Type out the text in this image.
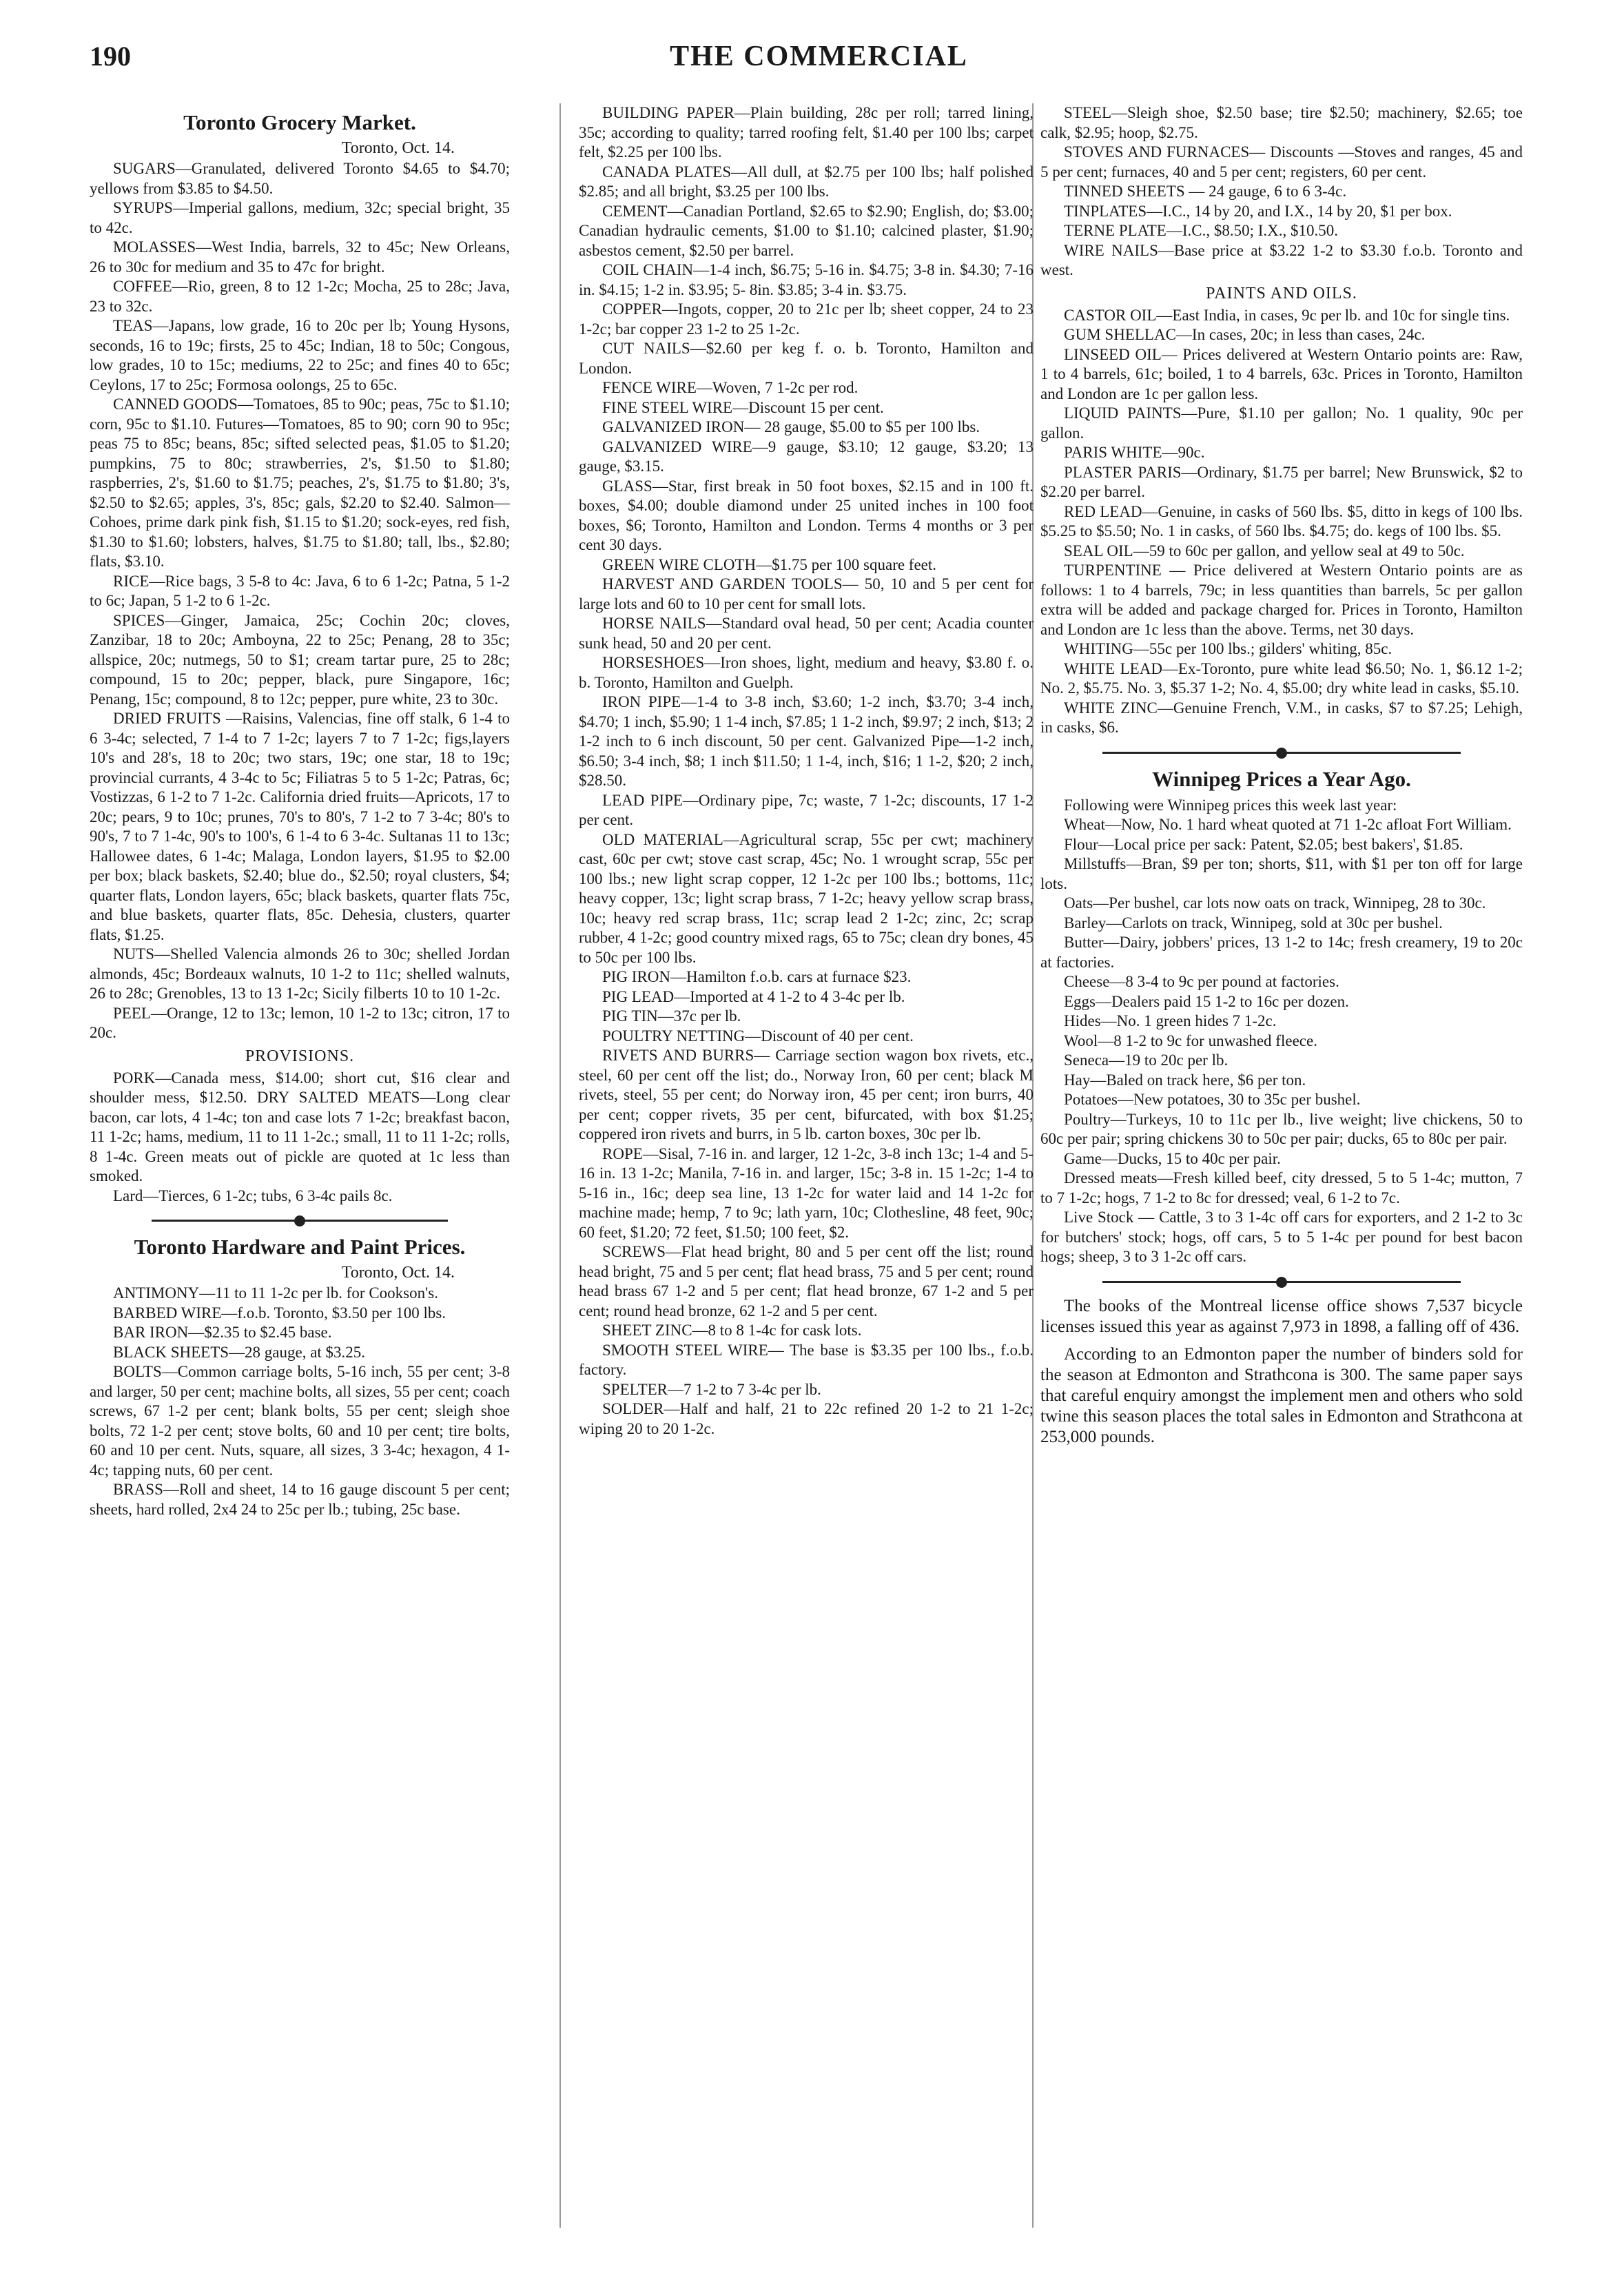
190	THE COMMERCIAL
Toronto Grocery Market.
Toronto, Oct. 14.

SUGARS—Granulated, delivered Toronto $4.65 to $4.70; yellows from $3.85 to $4.50.

SYRUPS—Imperial gallons, medium, 32c; special bright, 35 to 42c.

MOLASSES—West India, barrels, 32 to 45c; New Orleans, 26 to 30c for medium and 35 to 47c for bright.

COFFEE—Rio, green, 8 to 12 1-2c; Mocha, 25 to 28c; Java, 23 to 32c.

TEAS—Japans, low grade, 16 to 20c per lb; Young Hysons, seconds, 16 to 19c; firsts, 25 to 45c; Indian, 18 to 50c; Congous, low grades, 10 to 15c; mediums, 22 to 25c; and fines 40 to 65c; Ceylons, 17 to 25c; Formosa oolongs, 25 to 65c.

CANNED GOODS—Tomatoes, 85 to 90c; peas, 75c to $1.10; corn, 95c to $1.10. Futures—Tomatoes, 85 to 90; corn 90 to 95c; peas 75 to 85c; beans, 85c; sifted selected peas, $1.05 to $1.20; pumpkins, 75 to 80c; strawberries, 2's, $1.50 to $1.80; raspberries, 2's, $1.60 to $1.75; peaches, 2's, $1.75 to $1.80; 3's, $2.50 to $2.65; apples, 3's, 85c; gals, $2.20 to $2.40. Salmon—Cohoes, prime dark pink fish, $1.15 to $1.20; sock-eyes, red fish, $1.30 to $1.60; lobsters, halves, $1.75 to $1.80; tall, lbs., $2.80; flats, $3.10.

RICE—Rice bags, 3 5-8 to 4c: Java, 6 to 6 1-2c; Patna, 5 1-2 to 6c; Japan, 5 1-2 to 6 1-2c.

SPICES—Ginger, Jamaica, 25c; Cochin 20c; cloves, Zanzibar, 18 to 20c; Amboyna, 22 to 25c; Penang, 28 to 35c; allspice, 20c; nutmegs, 50 to $1; cream tartar pure, 25 to 28c; compound, 15 to 20c; pepper, black, pure Singapore, 16c; Penang, 15c; compound, 8 to 12c; pepper, pure white, 23 to 30c.

DRIED FRUITS —Raisins, Valencias, fine off stalk, 6 1-4 to 6 3-4c; selected, 7 1-4 to 7 1-2c; layers 7 to 7 1-2c; figs,layers 10's and 28's, 18 to 20c; two stars, 19c; one star, 18 to 19c; provincial currants, 4 3-4c to 5c; Filiatras 5 to 5 1-2c; Patras, 6c; Vostizzas, 6 1-2 to 7 1-2c. California dried fruits—Apricots, 17 to 20c; pears, 9 to 10c; prunes, 70's to 80's, 7 1-2 to 7 3-4c; 80's to 90's, 7 to 7 1-4c, 90's to 100's, 6 1-4 to 6 3-4c. Sultanas 11 to 13c; Hallowee dates, 6 1-4c; Malaga, London layers, $1.95 to $2.00 per box; black baskets, $2.40; blue do., $2.50; royal clusters, $4; quarter flats, London layers, 65c; black baskets, quarter flats 75c, and blue baskets, quarter flats, 85c. Dehesia, clusters, quarter flats, $1.25.

NUTS—Shelled Valencia almonds 26 to 30c; shelled Jordan almonds, 45c; Bordeaux walnuts, 10 1-2 to 11c; shelled walnuts, 26 to 28c; Grenobles, 13 to 13 1-2c; Sicily filberts 10 to 10 1-2c.

PEEL—Orange, 12 to 13c; lemon, 10 1-2 to 13c; citron, 17 to 20c.

PROVISIONS.

PORK—Canada mess, $14.00; short cut, $16 clear and shoulder mess, $12.50. DRY SALTED MEATS—Long clear bacon, car lots, 4 1-4c; ton and case lots 7 1-2c; breakfast bacon, 11 1-2c; hams, medium, 11 to 11 1-2c.; small, 11 to 11 1-2c; rolls, 8 1-4c. Green meats out of pickle are quoted at 1c less than smoked.

Lard—Tierces, 6 1-2c; tubs, 6 3-4c pails 8c.

Toronto Hardware and Paint Prices.
Toronto, Oct. 14.

ANTIMONY—11 to 11 1-2c per lb. for Cookson's.

BARBED WIRE—f.o.b. Toronto, $3.50 per 100 lbs.

BAR IRON—$2.35 to $2.45 base.

BLACK SHEETS—28 gauge, at $3.25.

BOLTS—Common carriage bolts, 5-16 inch, 55 per cent; 3-8 and larger, 50 per cent; machine bolts, all sizes, 55 per cent; coach screws, 67 1-2 per cent; blank bolts, 55 per cent; sleigh shoe bolts, 72 1-2 per cent; stove bolts, 60 and 10 per cent; tire bolts, 60 and 10 per cent. Nuts, square, all sizes, 3 3-4c; hexagon, 4 1-4c; tapping nuts, 60 per cent.

BRASS—Roll and sheet, 14 to 16 gauge discount 5 per cent; sheets, hard rolled, 2x4 24 to 25c per lb.; tubing, 25c base.

BUILDING PAPER—Plain building, 28c per roll; tarred lining, 35c; according to quality; tarred roofing felt, $1.40 per 100 lbs; carpet felt, $2.25 per 100 lbs.

CANADA PLATES—All dull, at $2.75 per 100 lbs; half polished $2.85; and all bright, $3.25 per 100 lbs.

CEMENT—Canadian Portland, $2.65 to $2.90; English, do; $3.00; Canadian hydraulic cements, $1.00 to $1.10; calcined plaster, $1.90; asbestos cement, $2.50 per barrel.

COIL CHAIN—1-4 inch, $6.75; 5-16 in. $4.75; 3-8 in. $4.30; 7-16 in. $4.15; 1-2 in. $3.95; 5- 8in. $3.85; 3-4 in. $3.75.

COPPER—Ingots, copper, 20 to 21c per lb; sheet copper, 24 to 23 1-2c; bar copper 23 1-2 to 25 1-2c.

CUT NAILS—$2.60 per keg f. o. b. Toronto, Hamilton and London.

FENCE WIRE—Woven, 7 1-2c per rod.

FINE STEEL WIRE—Discount 15 per cent.

GALVANIZED IRON— 28 gauge, $5.00 to $5 per 100 lbs.

GALVANIZED WIRE—9 gauge, $3.10; 12 gauge, $3.20; 13 gauge, $3.15.

GLASS—Star, first break in 50 foot boxes, $2.15 and in 100 ft. boxes, $4.00; double diamond under 25 united inches in 100 foot boxes, $6; Toronto, Hamilton and London. Terms 4 months or 3 per cent 30 days.

GREEN WIRE CLOTH—$1.75 per 100 square feet.

HARVEST AND GARDEN TOOLS— 50, 10 and 5 per cent for large lots and 60 to 10 per cent for small lots.

HORSE NAILS—Standard oval head, 50 per cent; Acadia counter sunk head, 50 and 20 per cent.

HORSESHOES—Iron shoes, light, medium and heavy, $3.80 f. o. b. Toronto, Hamilton and Guelph.

IRON PIPE—1-4 to 3-8 inch, $3.60; 1-2 inch, $3.70; 3-4 inch, $4.70; 1 inch, $5.90; 1 1-4 inch, $7.85; 1 1-2 inch, $9.97; 2 inch, $13; 2 1-2 inch to 6 inch discount, 50 per cent. Galvanized Pipe—1-2 inch, $6.50; 3-4 inch, $8; 1 inch $11.50; 1 1-4, inch, $16; 1 1-2, $20; 2 inch, $28.50.

LEAD PIPE—Ordinary pipe, 7c; waste, 7 1-2c; discounts, 17 1-2 per cent.

OLD MATERIAL—Agricultural scrap, 55c per cwt; machinery cast, 60c per cwt; stove cast scrap, 45c; No. 1 wrought scrap, 55c per 100 lbs.; new light scrap copper, 12 1-2c per 100 lbs.; bottoms, 11c; heavy copper, 13c; light scrap brass, 7 1-2c; heavy yellow scrap brass, 10c; heavy red scrap brass, 11c; scrap lead 2 1-2c; zinc, 2c; scrap rubber, 4 1-2c; good country mixed rags, 65 to 75c; clean dry bones, 45 to 50c per 100 lbs.

PIG IRON—Hamilton f.o.b. cars at furnace $23.

PIG LEAD—Imported at 4 1-2 to 4 3-4c per lb.

PIG TIN—37c per lb.

POULTRY NETTING—Discount of 40 per cent.

RIVETS AND BURRS— Carriage section wagon box rivets, etc., steel, 60 per cent off the list; do., Norway Iron, 60 per cent; black M rivets, steel, 55 per cent; do Norway iron, 45 per cent; iron burrs, 40 per cent; copper rivets, 35 per cent, bifurcated, with box $1.25; coppered iron rivets and burrs, in 5 lb. carton boxes, 30c per lb.

ROPE—Sisal, 7-16 in. and larger, 12 1-2c, 3-8 inch 13c; 1-4 and 5-16 in. 13 1-2c; Manila, 7-16 in. and larger, 15c; 3-8 in. 15 1-2c; 1-4 to 5-16 in., 16c; deep sea line, 13 1-2c for water laid and 14 1-2c for machine made; hemp, 7 to 9c; lath yarn, 10c; Clothesline, 48 feet, 90c; 60 feet, $1.20; 72 feet, $1.50; 100 feet, $2.

SCREWS—Flat head bright, 80 and 5 per cent off the list; round head bright, 75 and 5 per cent; flat head brass, 75 and 5 per cent; round head brass 67 1-2 and 5 per cent; flat head bronze, 67 1-2 and 5 per cent; round head bronze, 62 1-2 and 5 per cent.

SHEET ZINC—8 to 8 1-4c for cask lots.

SMOOTH STEEL WIRE— The base is $3.35 per 100 lbs., f.o.b. factory.

SPELTER—7 1-2 to 7 3-4c per lb.

SOLDER—Half and half, 21 to 22c refined 20 1-2 to 21 1-2c; wiping 20 to 20 1-2c.

STEEL—Sleigh shoe, $2.50 base; tire $2.50; machinery, $2.65; toe calk, $2.95; hoop, $2.75.

STOVES AND FURNACES— Discounts —Stoves and ranges, 45 and 5 per cent; furnaces, 40 and 5 per cent; registers, 60 per cent.

TINNED SHEETS — 24 gauge, 6 to 6 3-4c.

TINPLATES—I.C., 14 by 20, and I.X., 14 by 20, $1 per box.

TERNE PLATE—I.C., $8.50; I.X., $10.50.

WIRE NAILS—Base price at $3.22 1-2 to $3.30 f.o.b. Toronto and west.

PAINTS AND OILS.

CASTOR OIL—East India, in cases, 9c per lb. and 10c for single tins.

GUM SHELLAC—In cases, 20c; in less than cases, 24c.

LINSEED OIL— Prices delivered at Western Ontario points are: Raw, 1 to 4 barrels, 61c; boiled, 1 to 4 barrels, 63c. Prices in Toronto, Hamilton and London are 1c per gallon less.

LIQUID PAINTS—Pure, $1.10 per gallon; No. 1 quality, 90c per gallon.

PARIS WHITE—90c.

PLASTER PARIS—Ordinary, $1.75 per barrel; New Brunswick, $2 to $2.20 per barrel.

RED LEAD—Genuine, in casks of 560 lbs. $5, ditto in kegs of 100 lbs. $5.25 to $5.50; No. 1 in casks, of 560 lbs. $4.75; do. kegs of 100 lbs. $5.

SEAL OIL—59 to 60c per gallon, and yellow seal at 49 to 50c.

TURPENTINE — Price delivered at Western Ontario points are as follows: 1 to 4 barrels, 79c; in less quantities than barrels, 5c per gallon extra will be added and package charged for. Prices in Toronto, Hamilton and London are 1c less than the above. Terms, net 30 days.

WHITING—55c per 100 lbs.; gilders' whiting, 85c.

WHITE LEAD—Ex-Toronto, pure white lead $6.50; No. 1, $6.12 1-2; No. 2, $5.75. No. 3, $5.37 1-2; No. 4, $5.00; dry white lead in casks, $5.10.

WHITE ZINC—Genuine French, V.M., in casks, $7 to $7.25; Lehigh, in casks, $6.

Winnipeg Prices a Year Ago.

Following were Winnipeg prices this week last year:

Wheat—Now, No. 1 hard wheat quoted at 71 1-2c afloat Fort William.

Flour—Local price per sack: Patent, $2.05; best bakers', $1.85.

Millstuffs—Bran, $9 per ton; shorts, $11, with $1 per ton off for large lots.

Oats—Per bushel, car lots now oats on track, Winnipeg, 28 to 30c.

Barley—Carlots on track, Winnipeg, sold at 30c per bushel.

Butter—Dairy, jobbers' prices, 13 1-2 to 14c; fresh creamery, 19 to 20c at factories.

Cheese—8 3-4 to 9c per pound at factories.

Eggs—Dealers paid 15 1-2 to 16c per dozen.

Hides—No. 1 green hides 7 1-2c.

Wool—8 1-2 to 9c for unwashed fleece.

Seneca—19 to 20c per lb.

Hay—Baled on track here, $6 per ton.

Potatoes—New potatoes, 30 to 35c per bushel.

Poultry—Turkeys, 10 to 11c per lb., live weight; live chickens, 50 to 60c per pair; spring chickens 30 to 50c per pair; ducks, 65 to 80c per pair.

Game—Ducks, 15 to 40c per pair.

Dressed meats—Fresh killed beef, city dressed, 5 to 5 1-4c; mutton, 7 to 7 1-2c; hogs, 7 1-2 to 8c for dressed; veal, 6 1-2 to 7c.

Live Stock — Cattle, 3 to 3 1-4c off cars for exporters, and 2 1-2 to 3c for butchers' stock; hogs, off cars, 5 to 5 1-4c per pound for best bacon hogs; sheep, 3 to 3 1-2c off cars.

The books of the Montreal license office shows 7,537 bicycle licenses issued this year as against 7,973 in 1898, a falling off of 436.

According to an Edmonton paper the number of binders sold for the season at Edmonton and Strathcona is 300. The same paper says that careful enquiry amongst the implement men and others who sold twine this season places the total sales in Edmonton and Strathcona at 253,000 pounds.
